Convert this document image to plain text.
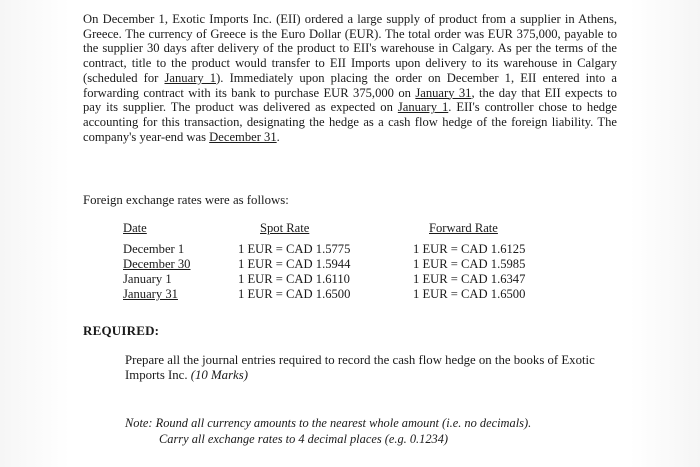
On December 1, Exotic Imports Inc. (EII) ordered a large supply of product from a supplier in Athens, Greece. The currency of Greece is the Euro Dollar (EUR). The total order was EUR 375,000, payable to the supplier 30 days after delivery of the product to EII's warehouse in Calgary. As per the terms of the contract, title to the product would transfer to EII Imports upon delivery to its warehouse in Calgary (scheduled for January 1). Immediately upon placing the order on December 1, EII entered into a forwarding contract with its bank to purchase EUR 375,000 on January 31, the day that EII expects to pay its supplier. The product was delivered as expected on January 1. EII's controller chose to hedge accounting for this transaction, designating the hedge as a cash flow hedge of the foreign liability. The company's year-end was December 31.

Foreign exchange rates were as follows:
Date
December 1
December 30
January 1
January 31
Spot Rate
1 EUR = CAD 1.5775
1 EUR = CAD 1.5944
1 EUR = CAD 1.6110
1 EUR = CAD 1.6500
Forward Rate
1 EUR = CAD 1.6125
1 EUR = CAD 1.5985
1 EUR = CAD 1.6347
1 EUR = CAD 1.6500
REQUIRED:
Prepare all the journal entries required to record the cash flow hedge on the books of Exotic Imports Inc. (10 Marks)
Note: Round all currency amounts to the nearest whole amount (i.e. no decimals).
Carry all exchange rates to 4 decimal places (e.g. 0.1234)
